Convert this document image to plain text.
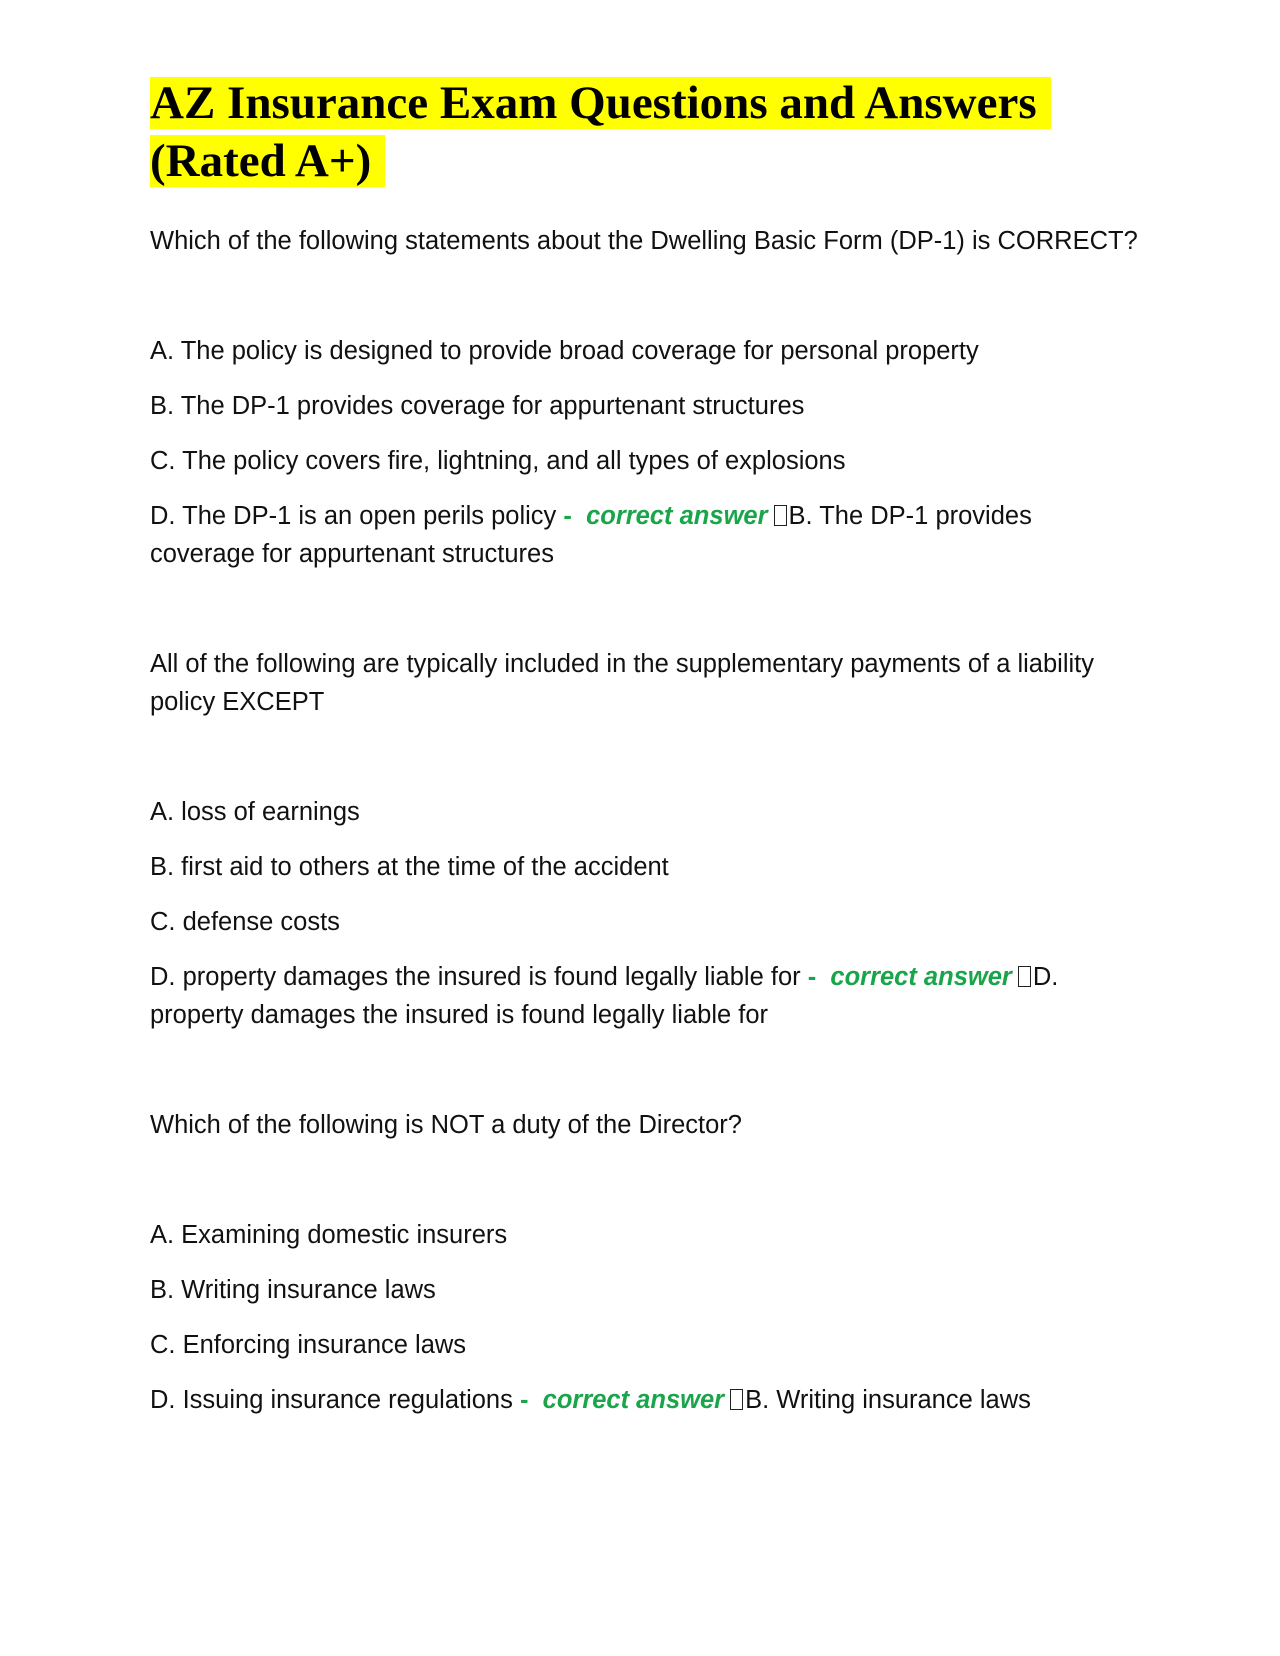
AZ Insurance Exam Questions and Answers
(Rated A+)

Which of the following statements about the Dwelling Basic Form (DP-1) is CORRECT?

A. The policy is designed to provide broad coverage for personal property

B. The DP-1 provides coverage for appurtenant structures

C. The policy covers fire, lightning, and all types of explosions

D. The DP-1 is an open perils policy - correct answer B. The DP-1 provides coverage for appurtenant structures

All of the following are typically included in the supplementary payments of a liability policy EXCEPT

A. loss of earnings

B. first aid to others at the time of the accident

C. defense costs

D. property damages the insured is found legally liable for - correct answer D. property damages the insured is found legally liable for

Which of the following is NOT a duty of the Director?

A. Examining domestic insurers

B. Writing insurance laws

C. Enforcing insurance laws

D. Issuing insurance regulations - correct answer B. Writing insurance laws
